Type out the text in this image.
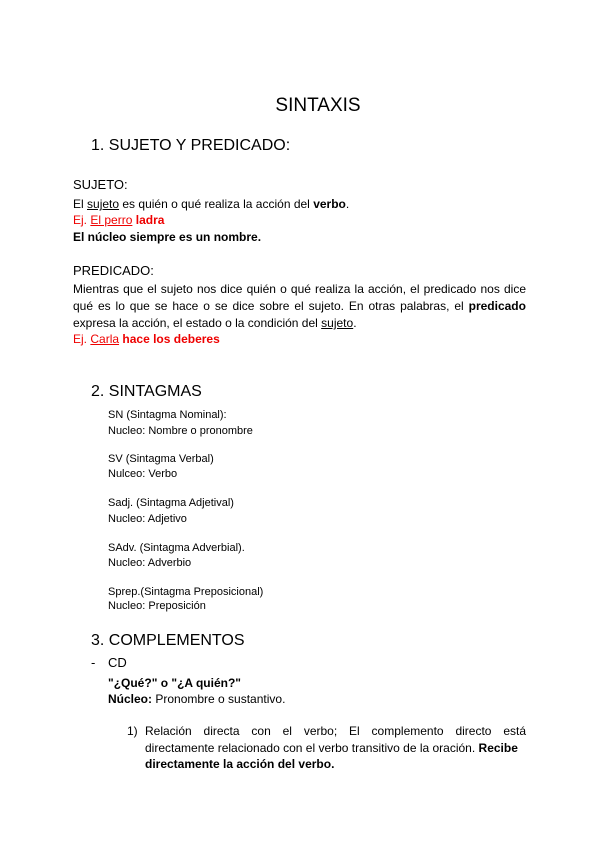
SINTAXIS
1. SUJETO Y PREDICADO:
SUJETO:
El sujeto es quién o qué realiza la acción del verbo.
Ej. El perro ladra
El núcleo siempre es un nombre.
PREDICADO:
Mientras que el sujeto nos dice quién o qué realiza la acción, el predicado nos dice
qué es lo que se hace o se dice sobre el sujeto. En otras palabras, el predicado
expresa la acción, el estado o la condición del sujeto.
Ej. Carla hace los deberes
2. SINTAGMAS
SN (Sintagma Nominal):
Nucleo: Nombre o pronombre
SV (Sintagma Verbal)
Nulceo: Verbo
Sadj. (Sintagma Adjetival)
Nucleo: Adjetivo
SAdv. (Sintagma Adverbial).
Nucleo: Adverbio
Sprep.(Sintagma Preposicional)
Nucleo: Preposición
3. COMPLEMENTOS
- CD
"¿Qué?" o "¿A quién?"
Núcleo: Pronombre o sustantivo.
1) Relación directa con el verbo; El complemento directo está
directamente relacionado con el verbo transitivo de la oración. Recibe
directamente la acción del verbo.
